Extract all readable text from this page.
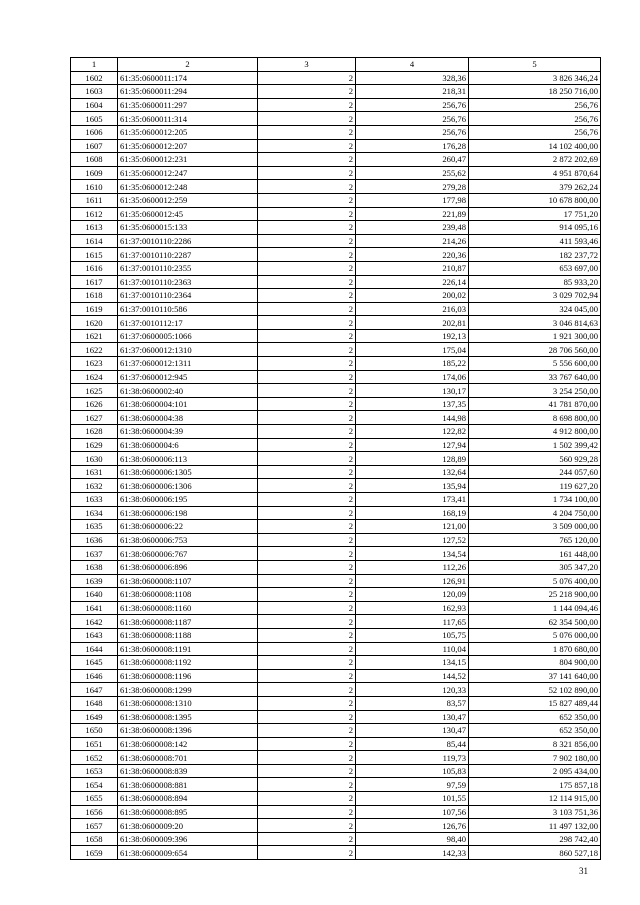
1	2	3	4	5
1602	61:35:0600011:174	2	328,36	3 826 346,24
1603	61:35:0600011:294	2	218,31	18 250 716,00
1604	61:35:0600011:297	2	256,76	256,76
1605	61:35:0600011:314	2	256,76	256,76
1606	61:35:0600012:205	2	256,76	256,76
1607	61:35:0600012:207	2	176,28	14 102 400,00
1608	61:35:0600012:231	2	260,47	2 872 202,69
1609	61:35:0600012:247	2	255,62	4 951 870,64
1610	61:35:0600012:248	2	279,28	379 262,24
1611	61:35:0600012:259	2	177,98	10 678 800,00
1612	61:35:0600012:45	2	221,89	17 751,20
1613	61:35:0600015:133	2	239,48	914 095,16
1614	61:37:0010110:2286	2	214,26	411 593,46
1615	61:37:0010110:2287	2	220,36	182 237,72
1616	61:37:0010110:2355	2	210,87	653 697,00
1617	61:37:0010110:2363	2	226,14	85 933,20
1618	61:37:0010110:2364	2	200,02	3 029 702,94
1619	61:37:0010110:586	2	216,03	324 045,00
1620	61:37:0010112:17	2	202,81	3 046 814,63
1621	61:37:0600005:1066	2	192,13	1 921 300,00
1622	61:37:0600012:1310	2	175,04	28 706 560,00
1623	61:37:0600012:1311	2	185,22	5 556 600,00
1624	61:37:0600012:945	2	174,06	33 767 640,00
1625	61:38:0600002:40	2	130,17	3 254 250,00
1626	61:38:0600004:101	2	137,35	41 781 870,00
1627	61:38:0600004:38	2	144,98	8 698 800,00
1628	61:38:0600004:39	2	122,82	4 912 800,00
1629	61:38:0600004:6	2	127,94	1 502 399,42
1630	61:38:0600006:113	2	128,89	560 929,28
1631	61:38:0600006:1305	2	132,64	244 057,60
1632	61:38:0600006:1306	2	135,94	119 627,20
1633	61:38:0600006:195	2	173,41	1 734 100,00
1634	61:38:0600006:198	2	168,19	4 204 750,00
1635	61:38:0600006:22	2	121,00	3 509 000,00
1636	61:38:0600006:753	2	127,52	765 120,00
1637	61:38:0600006:767	2	134,54	161 448,00
1638	61:38:0600006:896	2	112,26	305 347,20
1639	61:38:0600008:1107	2	126,91	5 076 400,00
1640	61:38:0600008:1108	2	120,09	25 218 900,00
1641	61:38:0600008:1160	2	162,93	1 144 094,46
1642	61:38:0600008:1187	2	117,65	62 354 500,00
1643	61:38:0600008:1188	2	105,75	5 076 000,00
1644	61:38:0600008:1191	2	110,04	1 870 680,00
1645	61:38:0600008:1192	2	134,15	804 900,00
1646	61:38:0600008:1196	2	144,52	37 141 640,00
1647	61:38:0600008:1299	2	120,33	52 102 890,00
1648	61:38:0600008:1310	2	83,57	15 827 489,44
1649	61:38:0600008:1395	2	130,47	652 350,00
1650	61:38:0600008:1396	2	130,47	652 350,00
1651	61:38:0600008:142	2	85,44	8 321 856,00
1652	61:38:0600008:701	2	119,73	7 902 180,00
1653	61:38:0600008:839	2	105,83	2 095 434,00
1654	61:38:0600008:881	2	97,59	175 857,18
1655	61:38:0600008:894	2	101,55	12 114 915,00
1656	61:38:0600008:895	2	107,56	3 103 751,36
1657	61:38:0600009:20	2	126,76	11 497 132,00
1658	61:38:0600009:396	2	98,40	298 742,40
1659	61:38:0600009:654	2	142,33	860 527,18
31
